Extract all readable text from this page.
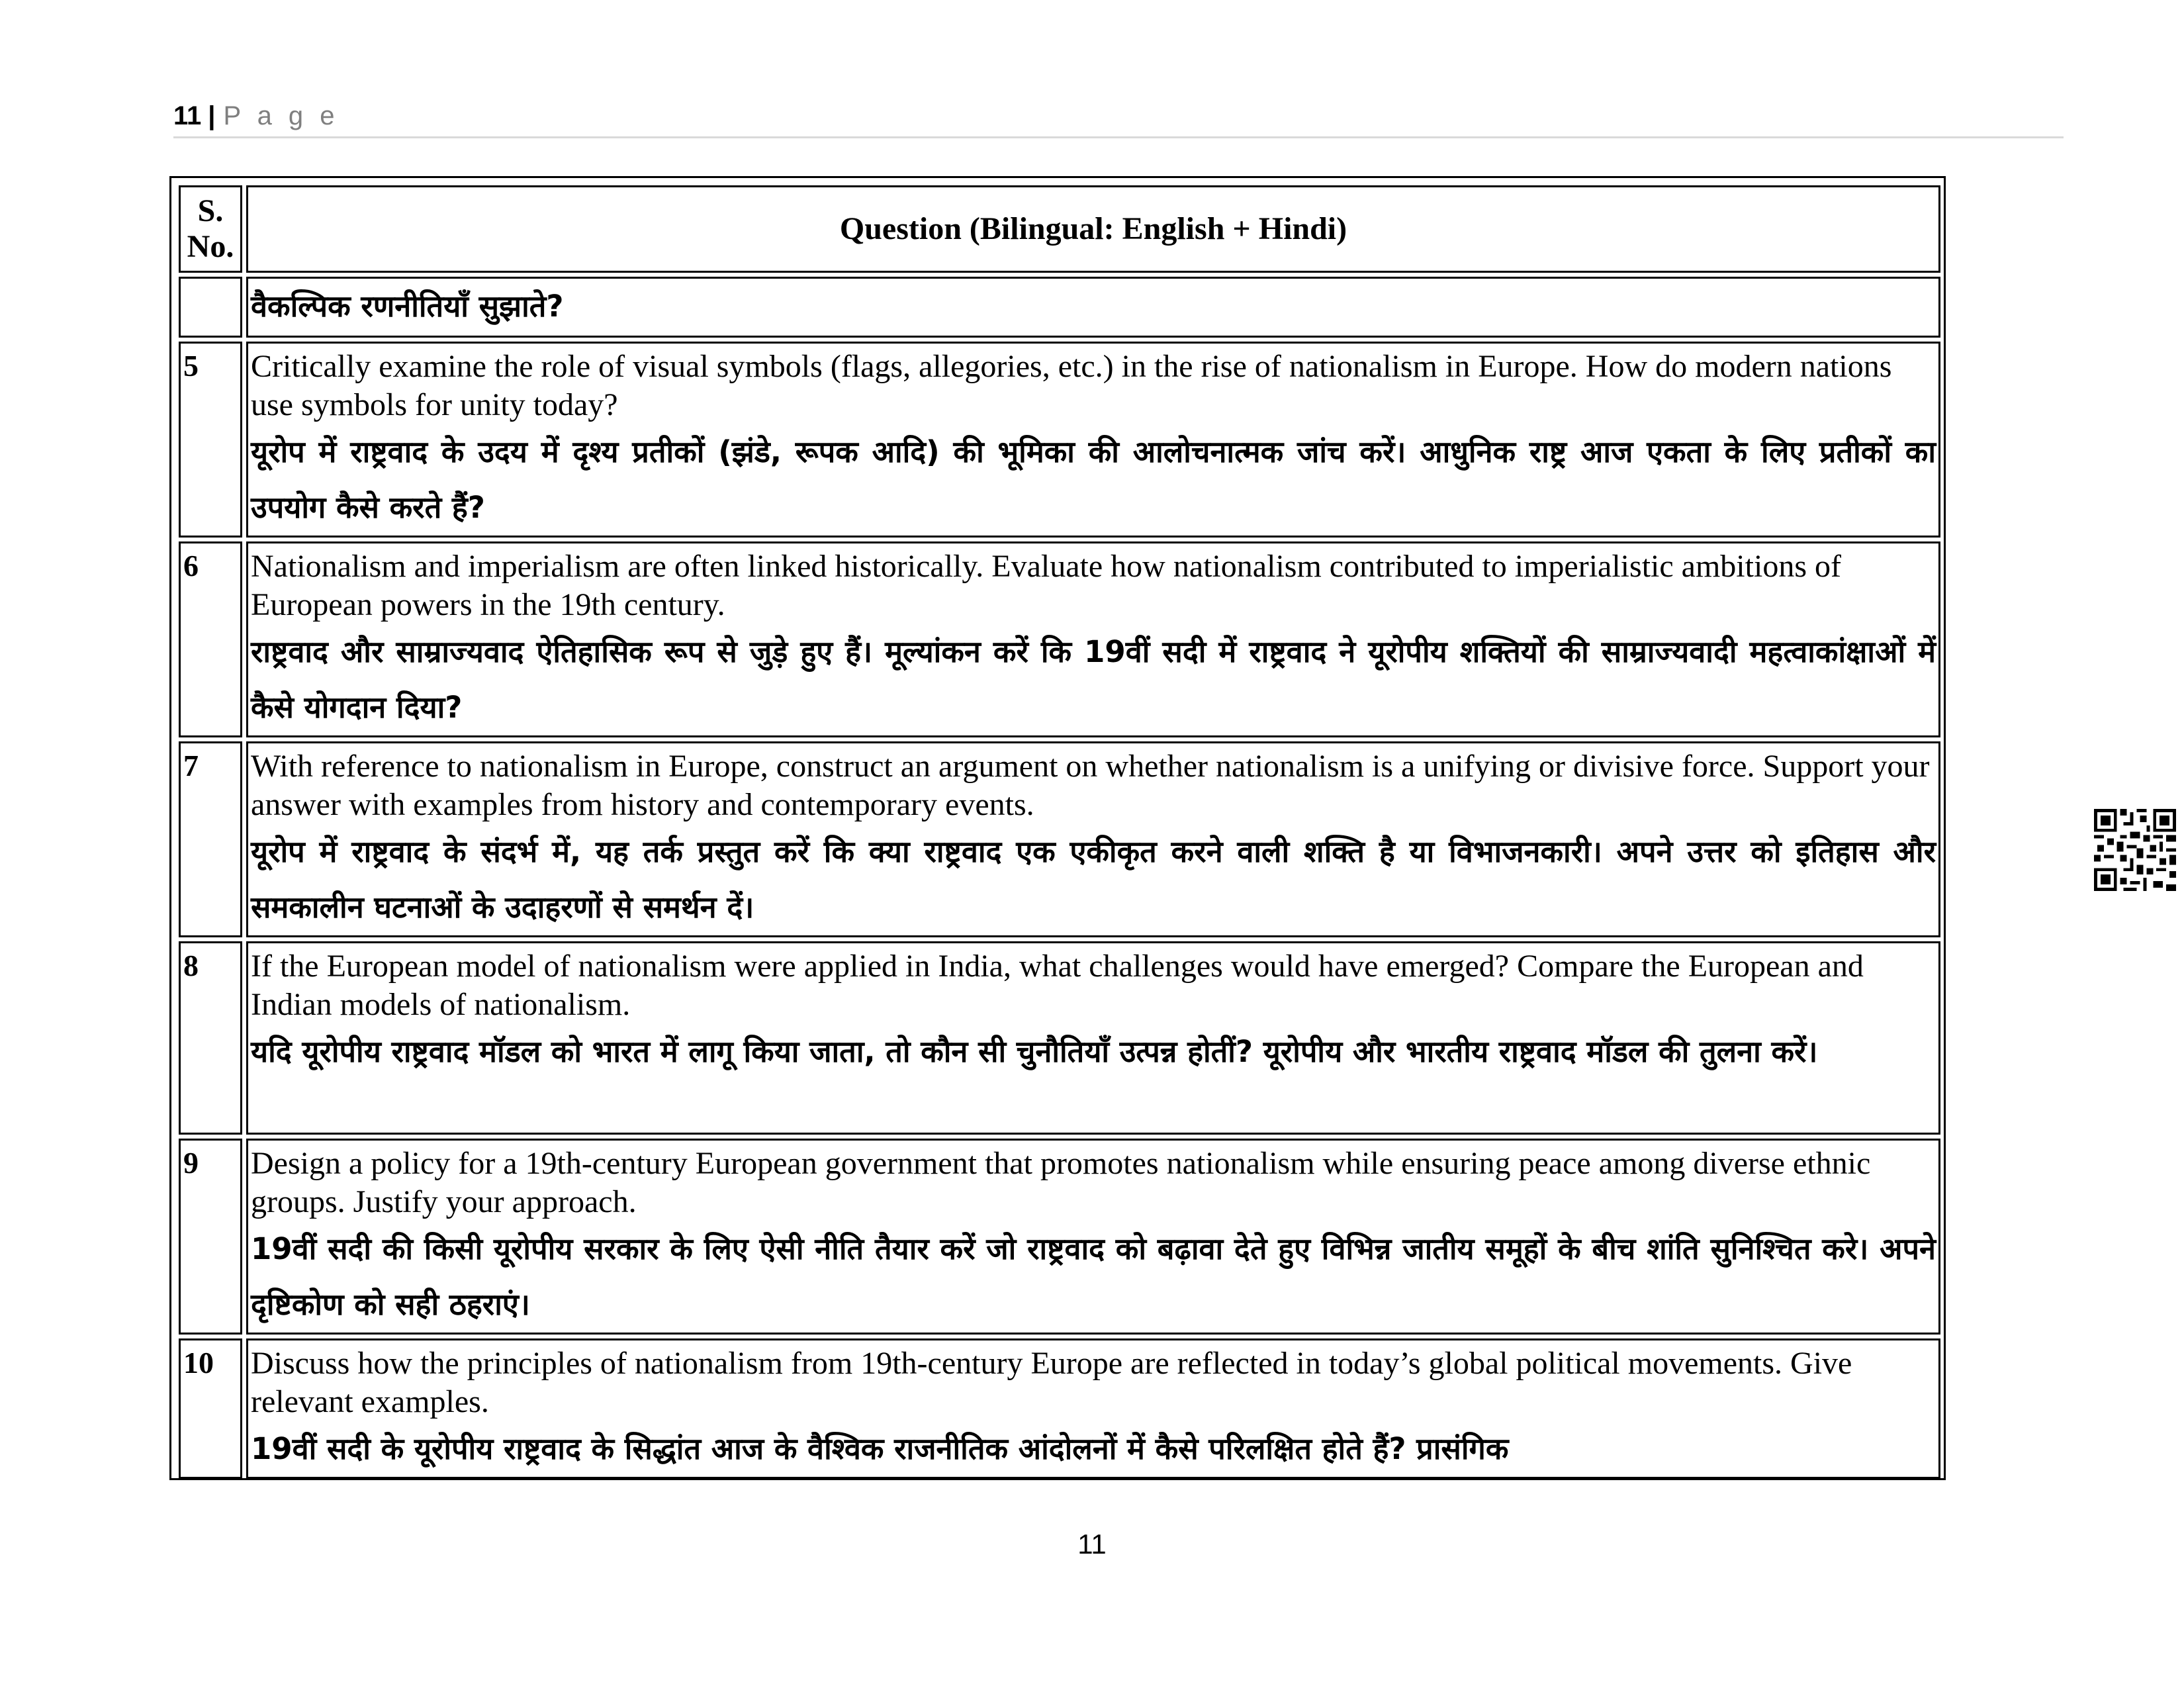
11 | P a g e
S. No.	Question (Bilingual: English + Hindi)

	वैकल्पिक रणनीतियाँ सुझाते?

5	Critically examine the role of visual symbols (flags, allegories, etc.) in the rise of nationalism in Europe. How do modern nations use symbols for unity today?
यूरोप में राष्ट्रवाद के उदय में दृश्य प्रतीकों (झंडे, रूपक आदि) की भूमिका की आलोचनात्मक जांच करें। आधुनिक राष्ट्र आज एकता के लिए प्रतीकों का उपयोग कैसे करते हैं?

6	Nationalism and imperialism are often linked historically. Evaluate how nationalism contributed to imperialistic ambitions of European powers in the 19th century.
राष्ट्रवाद और साम्राज्यवाद ऐतिहासिक रूप से जुड़े हुए हैं। मूल्यांकन करें कि 19वीं सदी में राष्ट्रवाद ने यूरोपीय शक्तियों की साम्राज्यवादी महत्वाकांक्षाओं में कैसे योगदान दिया?

7	With reference to nationalism in Europe, construct an argument on whether nationalism is a unifying or divisive force. Support your answer with examples from history and contemporary events.
यूरोप में राष्ट्रवाद के संदर्भ में, यह तर्क प्रस्तुत करें कि क्या राष्ट्रवाद एक एकीकृत करने वाली शक्ति है या विभाजनकारी। अपने उत्तर को इतिहास और समकालीन घटनाओं के उदाहरणों से समर्थन दें।

8	If the European model of nationalism were applied in India, what challenges would have emerged? Compare the European and Indian models of nationalism.
यदि यूरोपीय राष्ट्रवाद मॉडल को भारत में लागू किया जाता, तो कौन सी चुनौतियाँ उत्पन्न होतीं? यूरोपीय और भारतीय राष्ट्रवाद मॉडल की तुलना करें।

9	Design a policy for a 19th-century European government that promotes nationalism while ensuring peace among diverse ethnic groups. Justify your approach.
19वीं सदी की किसी यूरोपीय सरकार के लिए ऐसी नीति तैयार करें जो राष्ट्रवाद को बढ़ावा देते हुए विभिन्न जातीय समूहों के बीच शांति सुनिश्चित करे। अपने दृष्टिकोण को सही ठहराएं।

10	Discuss how the principles of nationalism from 19th-century Europe are reflected in today’s global political movements. Give relevant examples.
19वीं सदी के यूरोपीय राष्ट्रवाद के सिद्धांत आज के वैश्विक राजनीतिक आंदोलनों में कैसे परिलक्षित होते हैं? प्रासंगिक
11
